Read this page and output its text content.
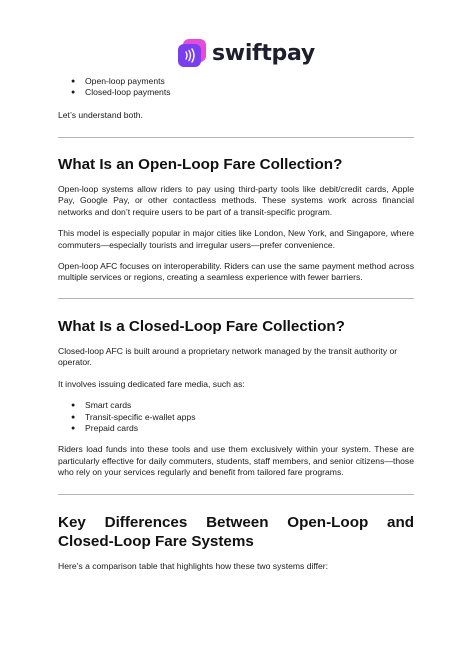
swiftpay
● Open-loop payments
● Closed-loop payments

Let’s understand both.

What Is an Open-Loop Fare Collection?

Open-loop systems allow riders to pay using third-party tools like debit/credit cards, Apple Pay, Google Pay, or other contactless methods. These systems work across financial networks and don’t require users to be part of a transit-specific program.

This model is especially popular in major cities like London, New York, and Singapore, where commuters—especially tourists and irregular users—prefer convenience.

Open-loop AFC focuses on interoperability. Riders can use the same payment method across multiple services or regions, creating a seamless experience with fewer barriers.

What Is a Closed-Loop Fare Collection?

Closed-loop AFC is built around a proprietary network managed by the transit authority or operator.

It involves issuing dedicated fare media, such as:

● Smart cards
● Transit-specific e-wallet apps
● Prepaid cards

Riders load funds into these tools and use them exclusively within your system. These are particularly effective for daily commuters, students, staff members, and senior citizens—those who rely on your services regularly and benefit from tailored fare programs.

Key Differences Between Open-Loop and Closed-Loop Fare Systems

Here’s a comparison table that highlights how these two systems differ:
